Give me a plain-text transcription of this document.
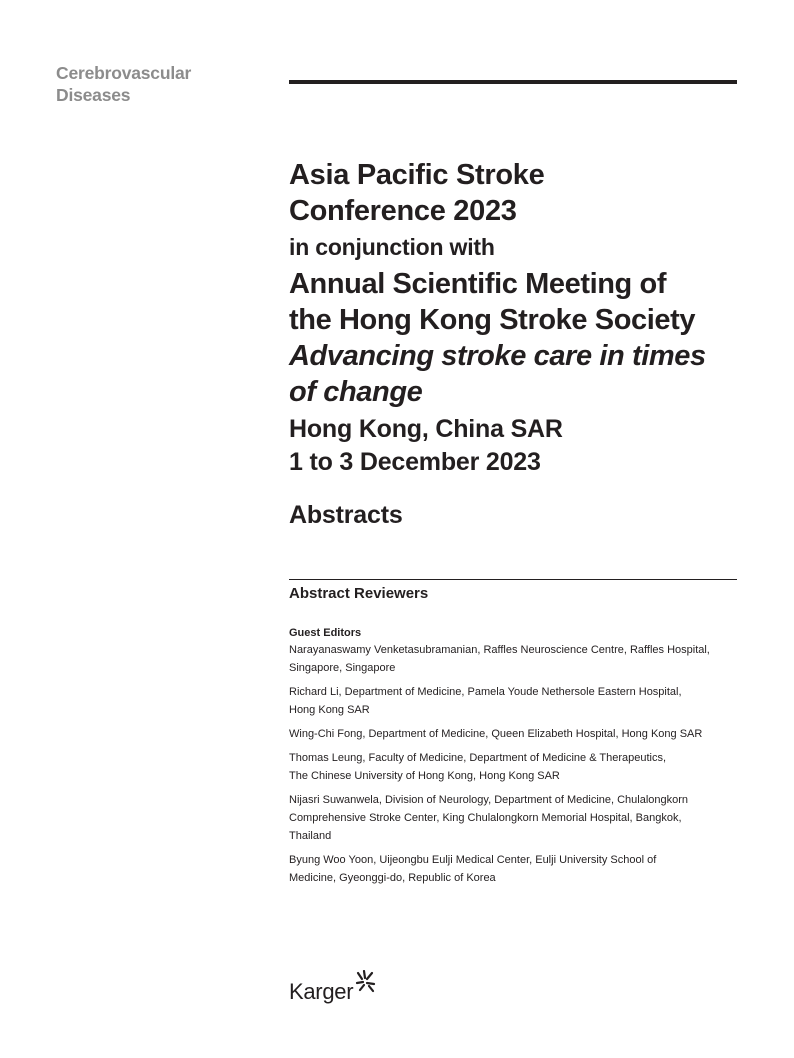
Cerebrovascular
Diseases
Asia Pacific Stroke
Conference 2023
in conjunction with
Annual Scientific Meeting of
the Hong Kong Stroke Society
Advancing stroke care in times
of change
Hong Kong, China SAR
1 to 3 December 2023
Abstracts
Abstract Reviewers
Guest Editors
Narayanaswamy Venketasubramanian, Raffles Neuroscience Centre, Raffles Hospital,
Singapore, Singapore
Richard Li, Department of Medicine, Pamela Youde Nethersole Eastern Hospital,
Hong Kong SAR
Wing-Chi Fong, Department of Medicine, Queen Elizabeth Hospital, Hong Kong SAR
Thomas Leung, Faculty of Medicine, Department of Medicine & Therapeutics,
The Chinese University of Hong Kong, Hong Kong SAR
Nijasri Suwanwela, Division of Neurology, Department of Medicine, Chulalongkorn
Comprehensive Stroke Center, King Chulalongkorn Memorial Hospital, Bangkok,
Thailand
Byung Woo Yoon, Uijeongbu Eulji Medical Center, Eulji University School of
Medicine, Gyeonggi-do, Republic of Korea
Karger
